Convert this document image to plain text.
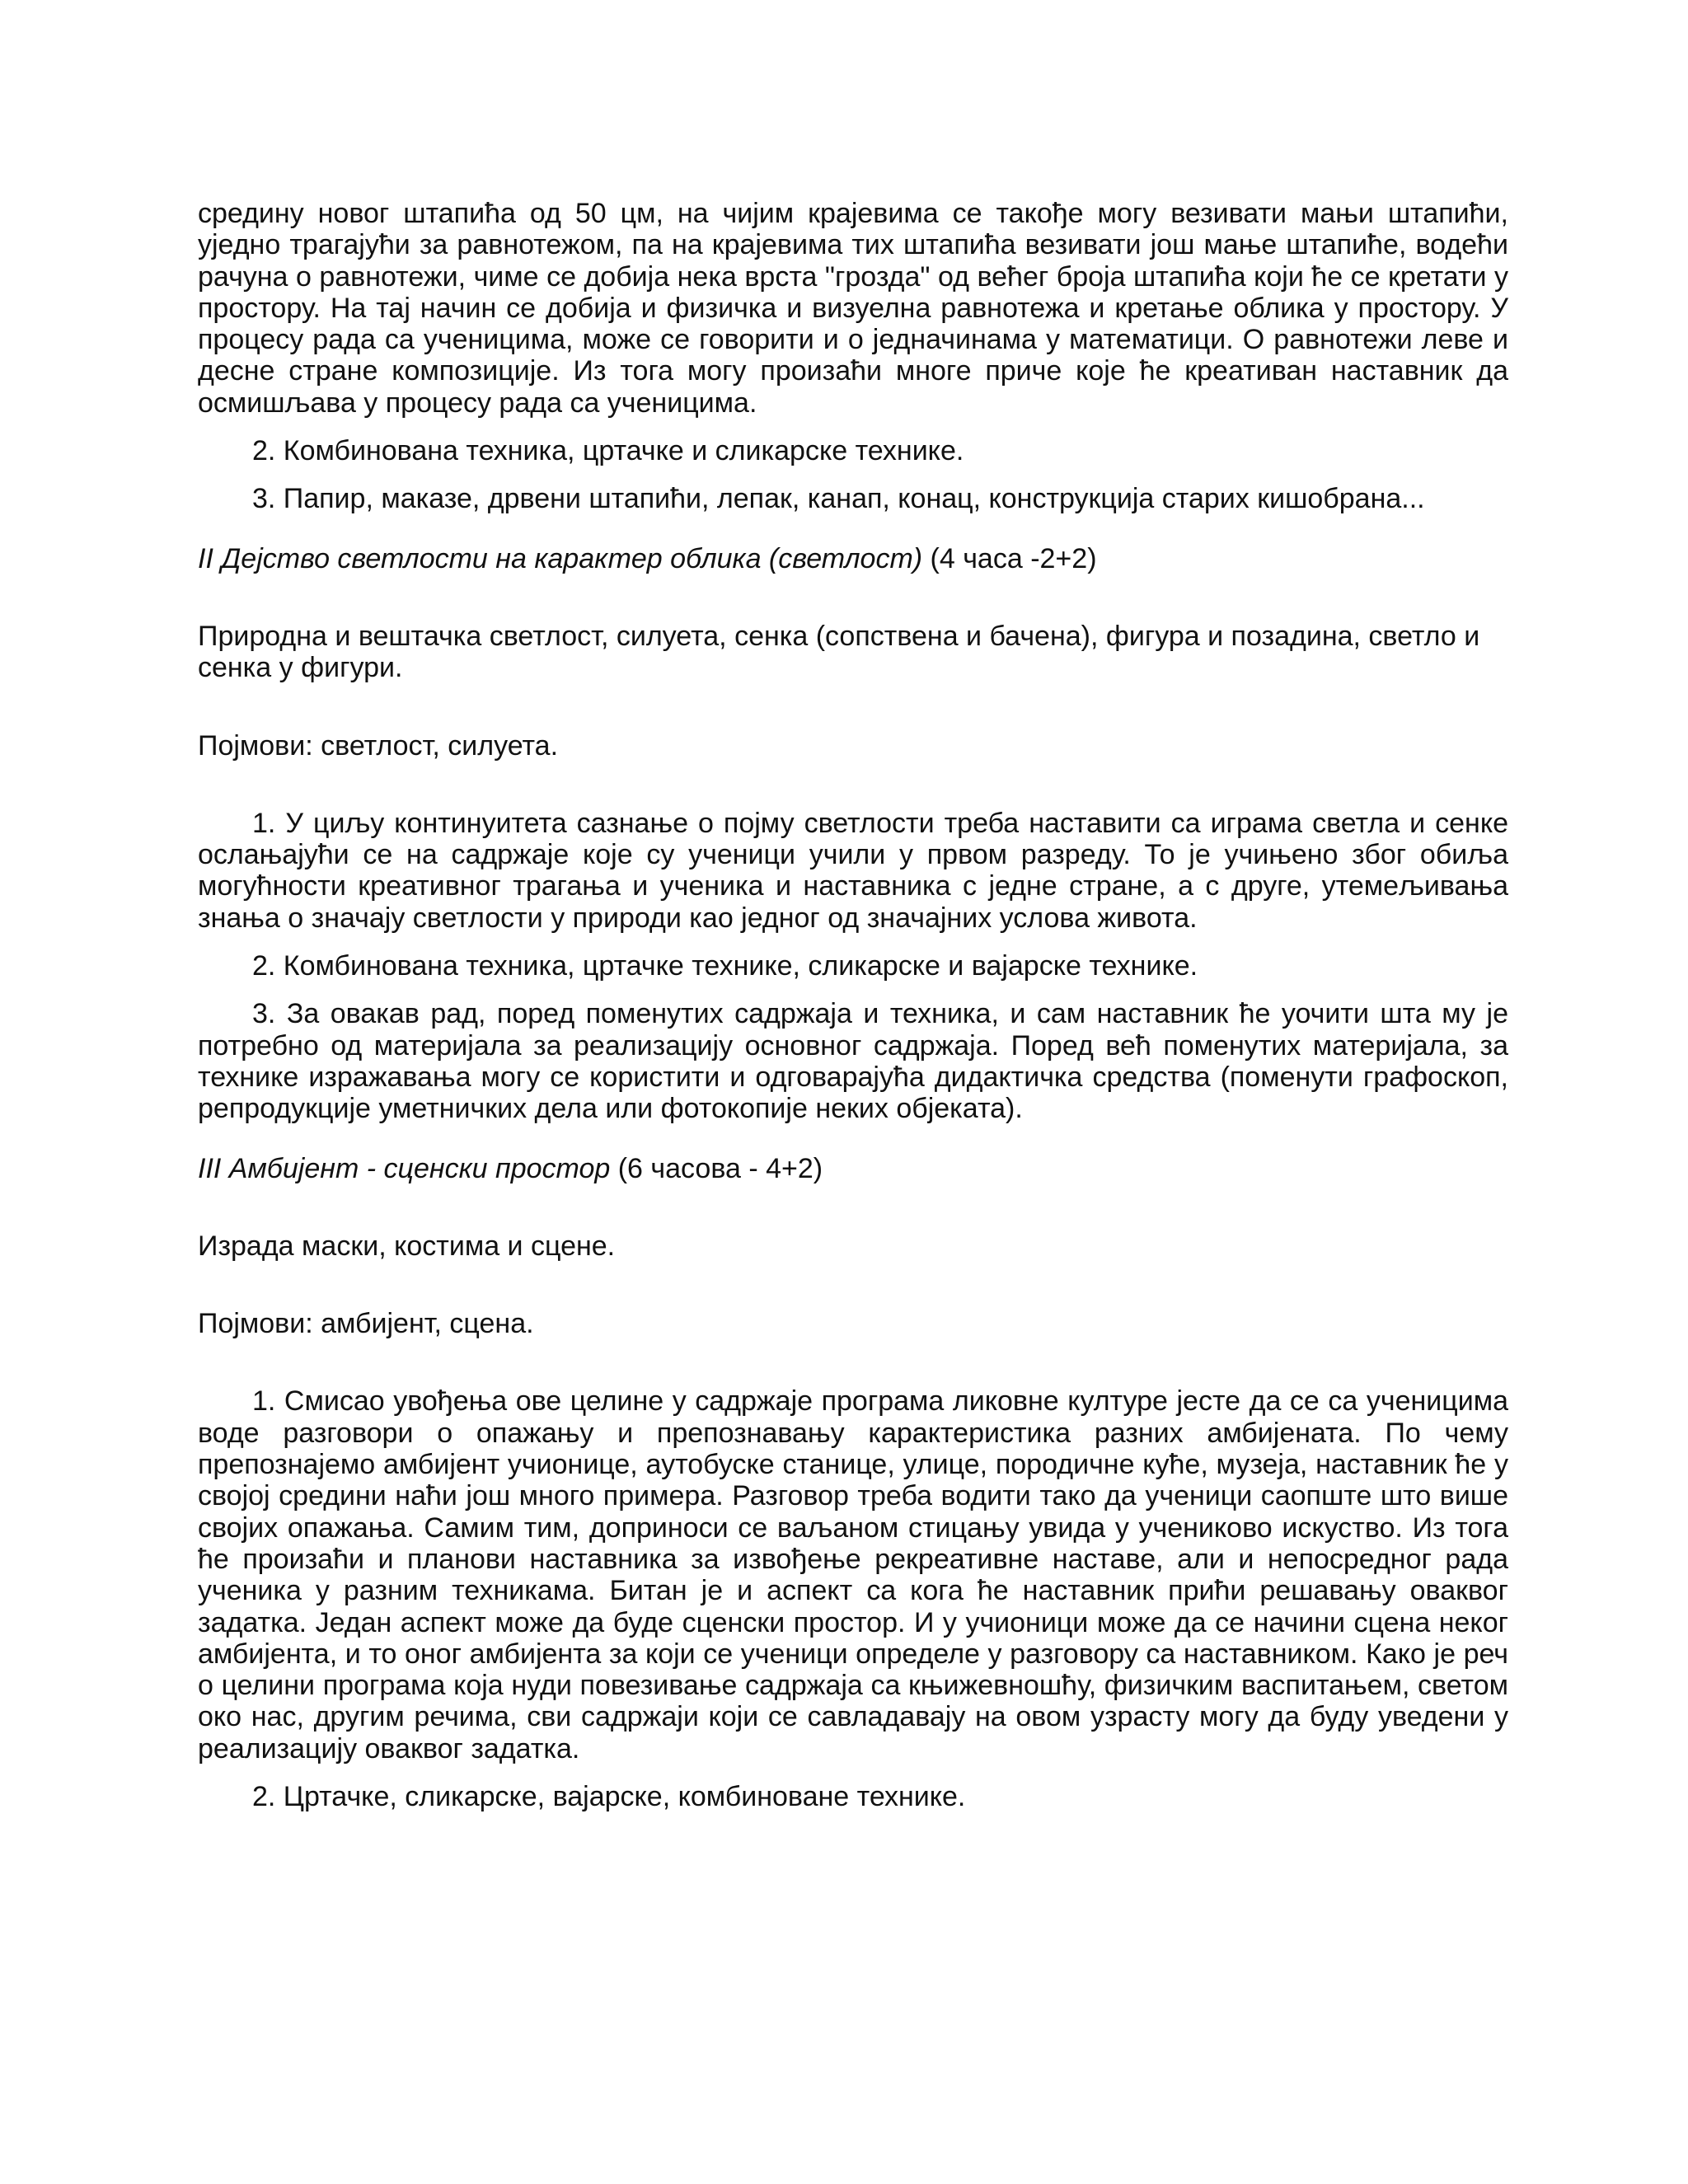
средину новог штапића од 50 цм, на чијим крајевима се такође могу везивати мањи штапићи, уједно трагајући за равнотежом, па на крајевима тих штапића везивати још мање штапиће, водећи рачуна о равнотежи, чиме се добија нека врста "грозда" од већег броја штапића који ће се кретати у простору. На тај начин се добија и физичка и визуелна равнотежа и кретање облика у простору. У процесу рада са ученицима, може се говорити и о једначинама у математици. О равнотежи леве и десне стране композиције. Из тога могу произаћи многе приче које ће креативан наставник да осмишљава у процесу рада са ученицима.

2. Комбинована техника, цртачке и сликарске технике.

3. Папир, маказе, дрвени штапићи, лепак, канап, конац, конструкција старих кишобрана...

II Дејство светлости на карактер облика (светлост) (4 часа -2+2)

Природна и вештачка светлост, силуета, сенка (сопствена и бачена), фигура и позадина, светло и сенка у фигури.

Појмови: светлост, силуета.

1. У циљу континуитета сазнање о појму светлости треба наставити са играма светла и сенке ослањајући се на садржаје које су ученици учили у првом разреду. То је учињено због обиља могућности креативног трагања и ученика и наставника с једне стране, а с друге, утемељивања знања о значају светлости у природи као једног од значајних услова живота.

2. Комбинована техника, цртачке технике, сликарске и вајарске технике.

3. За овакав рад, поред поменутих садржаја и техника, и сам наставник ће уочити шта му је потребно од материјала за реализацију основног садржаја. Поред већ поменутих материјала, за технике изражавања могу се користити и одговарајућа дидактичка средства (поменути графоскоп, репродукције уметничких дела или фотокопије неких објеката).

III Амбијент - сценски простор (6 часова - 4+2)

Израда маски, костима и сцене.

Појмови: амбијент, сцена.

1. Смисао увођења ове целине у садржаје програма ликовне културе јесте да се са ученицима воде разговори о опажању и препознавању карактеристика разних амбијената. По чему препознајемо амбијент учионице, аутобуске станице, улице, породичне куће, музеја, наставник ће у својој средини наћи још много примера. Разговор треба водити тако да ученици саопште што више својих опажања. Самим тим, доприноси се ваљаном стицању увида у учениково искуство. Из тога ће произаћи и планови наставника за извођење рекреативне наставе, али и непосредног рада ученика у разним техникама. Битан је и аспект са кога ће наставник прићи решавању оваквог задатка. Један аспект може да буде сценски простор. И у учионици може да се начини сцена неког амбијента, и то оног амбијента за који се ученици определе у разговору са наставником. Како је реч о целини програма која нуди повезивање садржаја са књижевношћу, физичким васпитањем, светом око нас, другим речима, сви садржаји који се савладавају на овом узрасту могу да буду уведени у реализацију оваквог задатка.

2. Цртачке, сликарске, вајарске, комбиноване технике.
